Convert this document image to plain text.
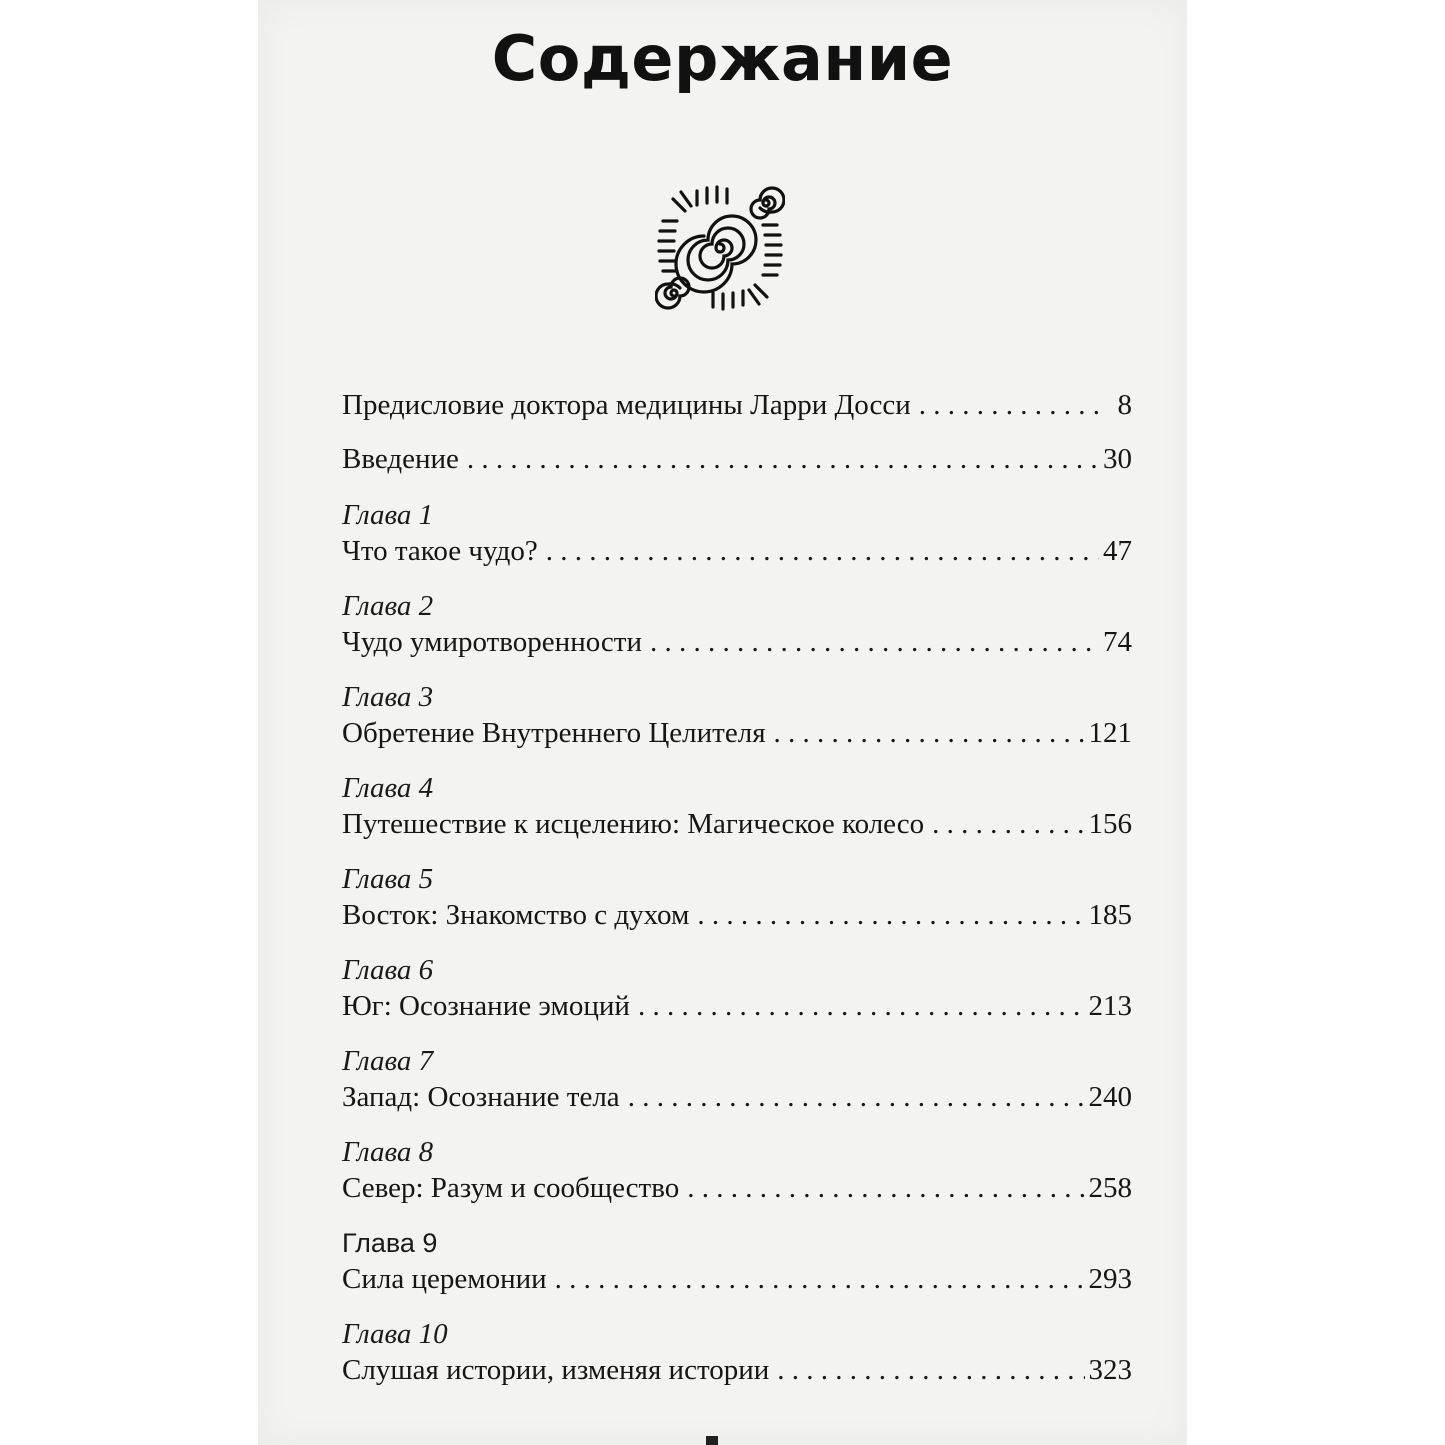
Содержание
Предисловие доктора медицины Ларри Досси . . .	8
Введение . . .	30
Глава 1
Что такое чудо? . . .	47
Глава 2
Чудо умиротворенности . . .	74
Глава 3
Обретение Внутреннего Целителя . . .	121
Глава 4
Путешествие к исцелению: Магическое колесо . . .	156
Глава 5
Восток: Знакомство с духом . . .	185
Глава 6
Юг: Осознание эмоций . . .	213
Глава 7
Запад: Осознание тела . . .	240
Глава 8
Север: Разум и сообщество . . .	258
Глава 9
Сила церемонии . . .	293
Глава 10
Слушая истории, изменяя истории . . .	323
